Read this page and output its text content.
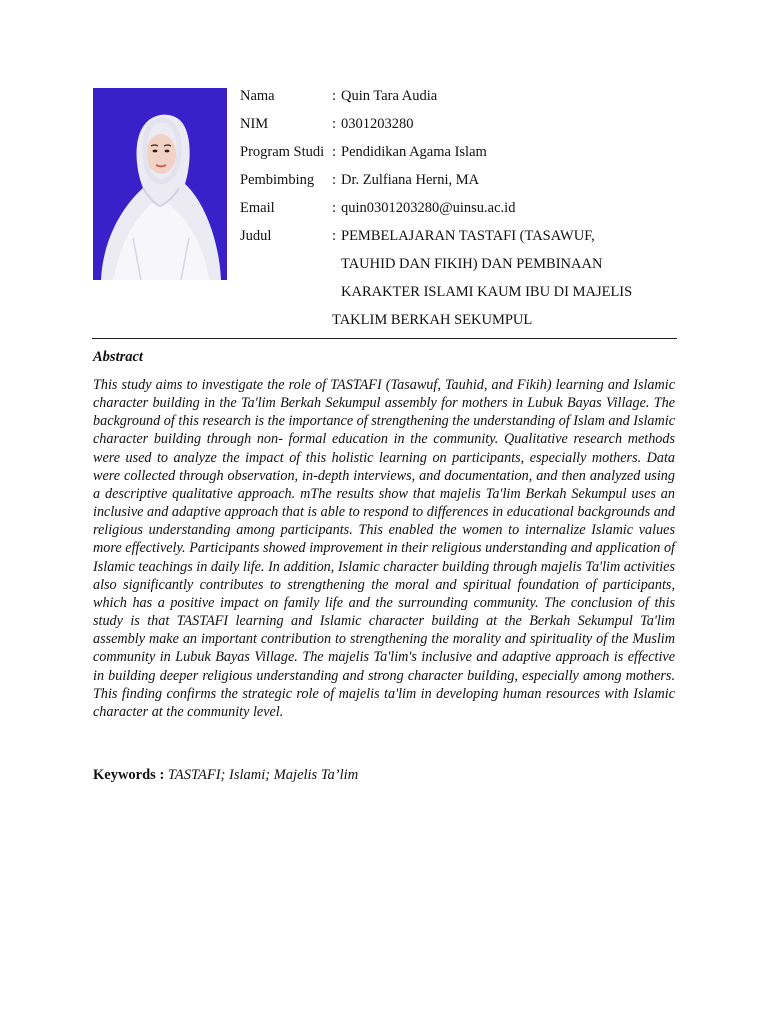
Nama	: Quin Tara Audia
NIM	: 0301203280
Program Studi : Pendidikan Agama Islam
Pembimbing : Dr. Zulfiana Herni, MA
Email	: quin0301203280@uinsu.ac.id
Judul	: PEMBELAJARAN TASTAFI (TASAWUF,
TAUHID DAN FIKIH) DAN PEMBINAAN
KARAKTER ISLAMI KAUM IBU DI MAJELIS
TAKLIM BERKAH SEKUMPUL
Abstract

This study aims to investigate the role of TASTAFI (Tasawuf, Tauhid, and Fikih) learning and Islamic character building in the Ta'lim Berkah Sekumpul assembly for mothers in Lubuk Bayas Village. The background of this research is the importance of strengthening the understanding of Islam and Islamic character building through non- formal education in the community. Qualitative research methods were used to analyze the impact of this holistic learning on participants, especially mothers. Data were collected through observation, in-depth interviews, and documentation, and then analyzed using a descriptive qualitative approach. mThe results show that majelis Ta'lim Berkah Sekumpul uses an inclusive and adaptive approach that is able to respond to differences in educational backgrounds and religious understanding among participants. This enabled the women to internalize Islamic values more effectively. Participants showed improvement in their religious understanding and application of Islamic teachings in daily life. In addition, Islamic character building through majelis Ta'lim activities also significantly contributes to strengthening the moral and spiritual foundation of participants, which has a positive impact on family life and the surrounding community. The conclusion of this study is that TASTAFI learning and Islamic character building at the Berkah Sekumpul Ta'lim assembly make an important contribution to strengthening the morality and spirituality of the Muslim community in Lubuk Bayas Village. The majelis Ta'lim's inclusive and adaptive approach is effective in building deeper religious understanding and strong character building, especially among mothers. This finding confirms the strategic role of majelis ta'lim in developing human resources with Islamic character at the community level.

Keywords : TASTAFI; Islami; Majelis Ta’lim
